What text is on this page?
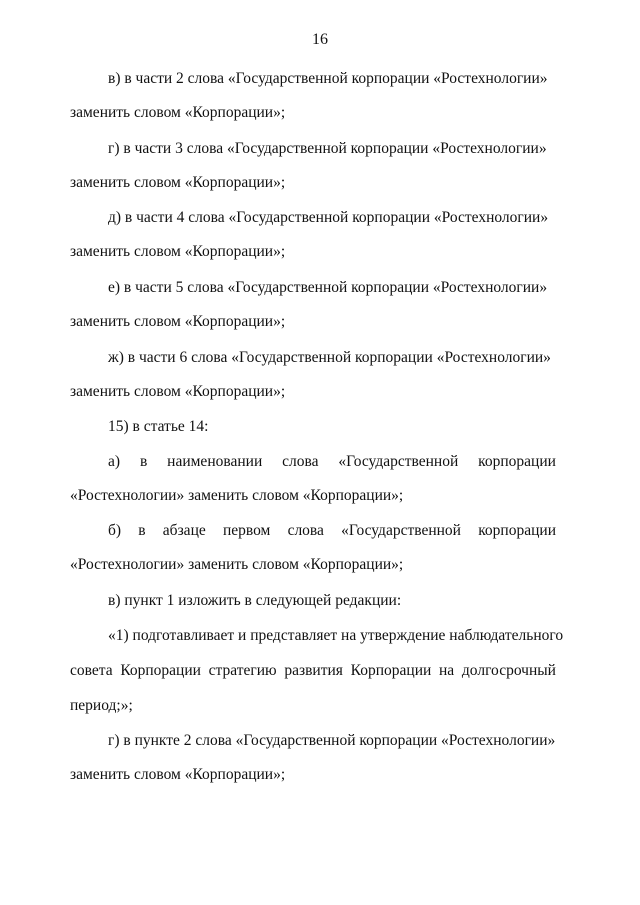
16
в) в части 2 слова «Государственной корпорации «Ростехнологии»
заменить словом «Корпорации»;
г) в части 3 слова «Государственной корпорации «Ростехнологии»
заменить словом «Корпорации»;
д) в части 4 слова «Государственной корпорации «Ростехнологии»
заменить словом «Корпорации»;
е) в части 5 слова «Государственной корпорации «Ростехнологии»
заменить словом «Корпорации»;
ж) в части 6 слова «Государственной корпорации «Ростехнологии»
заменить словом «Корпорации»;
15) в статье 14:
а) в наименовании слова «Государственной корпорации
«Ростехнологии» заменить словом «Корпорации»;
б) в абзаце первом слова «Государственной корпорации
«Ростехнологии» заменить словом «Корпорации»;
в) пункт 1 изложить в следующей редакции:
«1) подготавливает и представляет на утверждение наблюдательного
совета Корпорации стратегию развития Корпорации на долгосрочный
период;»;
г) в пункте 2 слова «Государственной корпорации «Ростехнологии»
заменить словом «Корпорации»;
